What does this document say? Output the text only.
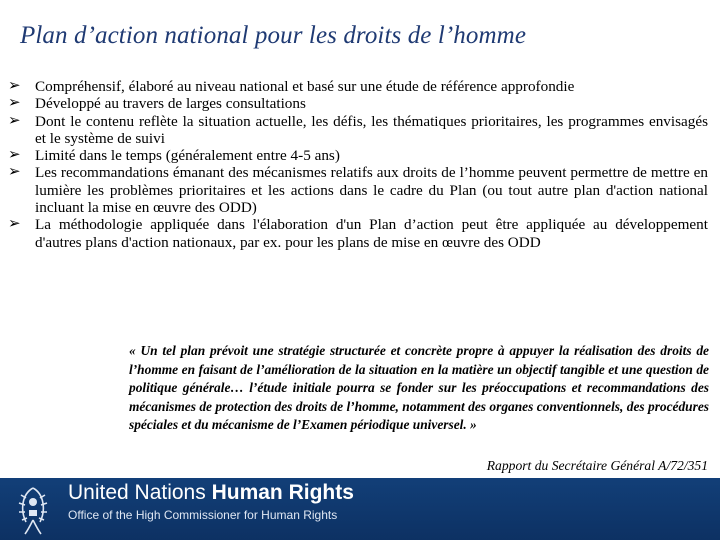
Plan d’action national pour les droits de l’homme
➢ Compréhensif, élaboré au niveau national et basé sur une étude de référence approfondie
➢ Développé au travers de larges consultations
➢ Dont le contenu reflète la situation actuelle, les défis, les thématiques prioritaires, les programmes envisagés et le système de suivi
➢ Limité dans le temps (généralement entre 4-5 ans)
➢ Les recommandations émanant des mécanismes relatifs aux droits de l’homme peuvent permettre de mettre en lumière les problèmes prioritaires et les actions dans le cadre du Plan (ou tout autre plan d'action national incluant la mise en œuvre des ODD)
➢ La méthodologie appliquée dans l'élaboration d'un Plan d’action peut être appliquée au développement d'autres plans d'action nationaux, par ex. pour les plans de mise en œuvre des ODD
« Un tel plan prévoit une stratégie structurée et concrète propre à appuyer la réalisation des droits de l’homme en faisant de l’amélioration de la situation en la matière un objectif tangible et une question de politique générale… l’étude initiale pourra se fonder sur les préoccupations et recommandations des mécanismes de protection des droits de l’homme, notamment des organes conventionnels, des procédures spéciales et du mécanisme de l’Examen périodique universel. »
Rapport du Secrétaire Général A/72/351
United Nations Human Rights
Office of the High Commissioner for Human Rights
